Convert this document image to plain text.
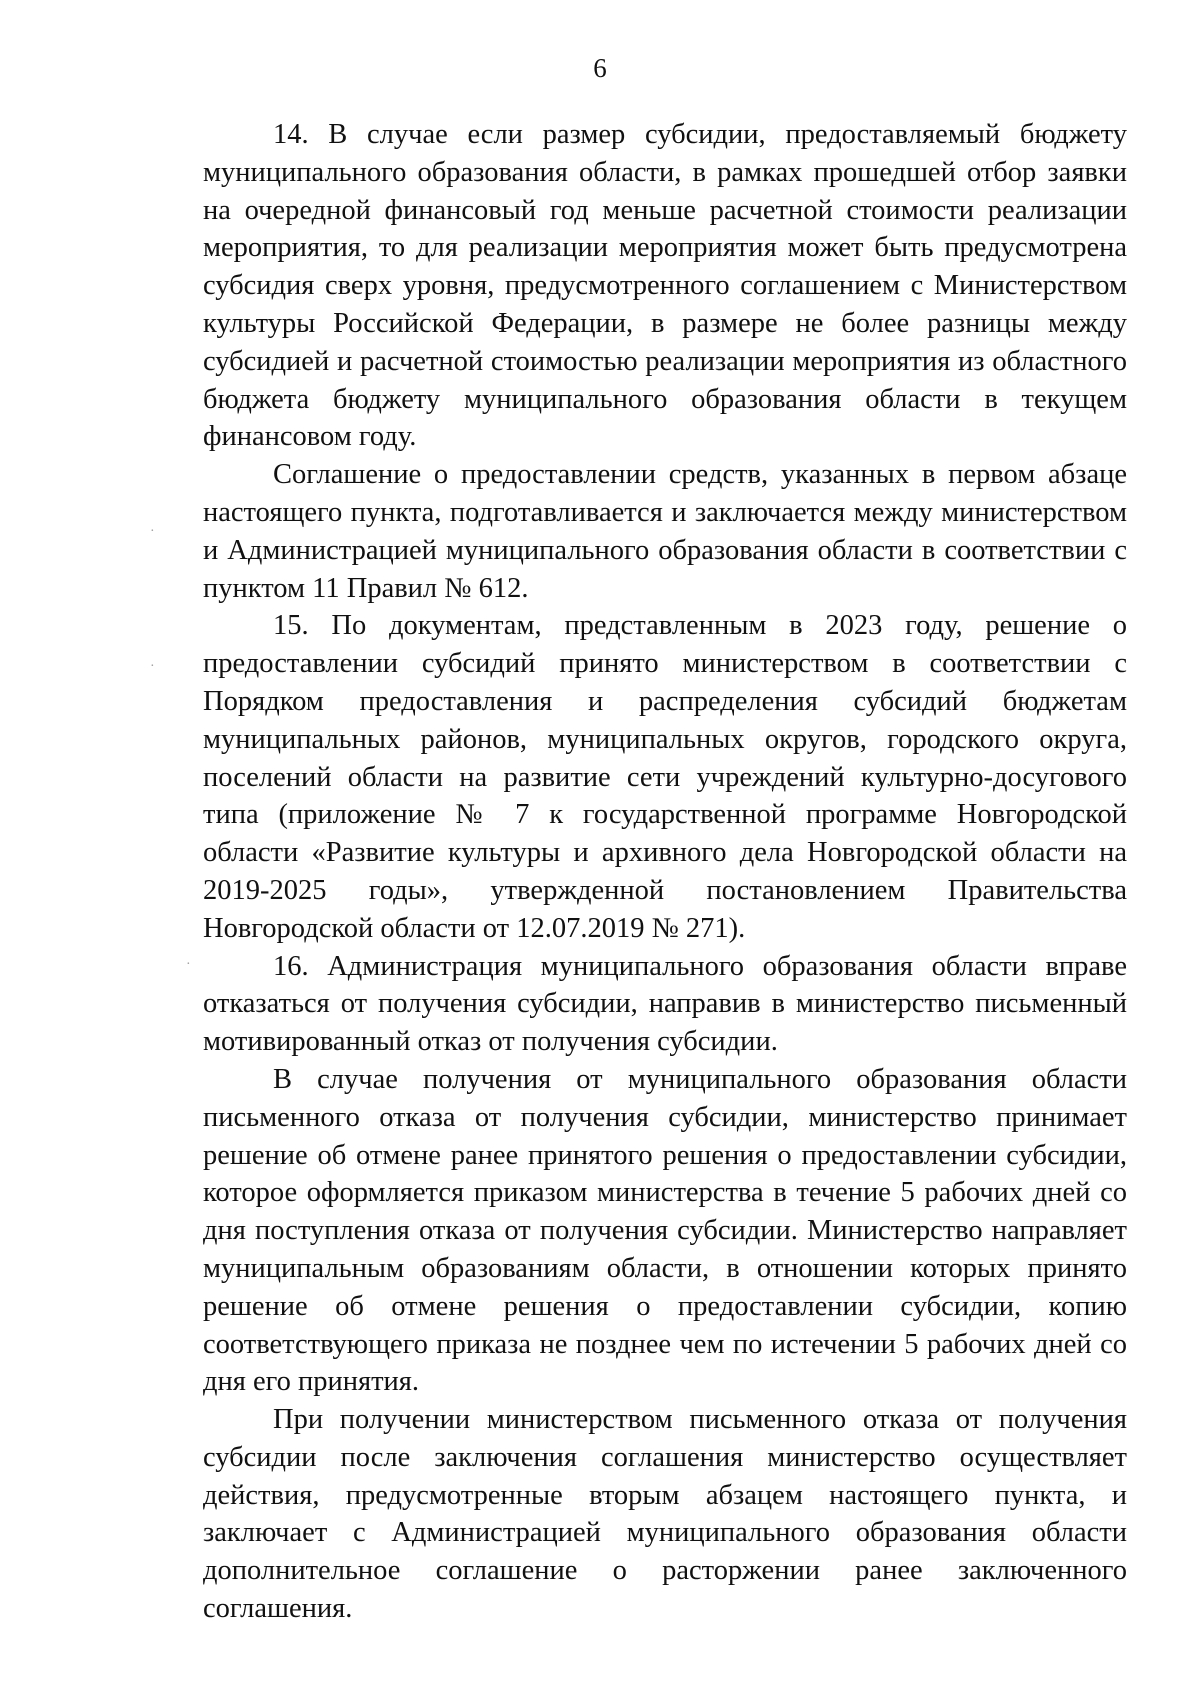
6

14. В случае если размер субсидии, предоставляемый бюджету муниципального образования области, в рамках прошедшей отбор заявки на очередной финансовый год меньше расчетной стоимости реализации мероприятия, то для реализации мероприятия может быть предусмотрена субсидия сверх уровня, предусмотренного соглашением с Министерством культуры Российской Федерации, в размере не более разницы между субсидией и расчетной стоимостью реализации мероприятия из областного бюджета бюджету муниципального образования области в текущем финансовом году.

Соглашение о предоставлении средств, указанных в первом абзаце настоящего пункта, подготавливается и заключается между министерством и Администрацией муниципального образования области в соответствии с пунктом 11 Правил № 612.

15. По документам, представленным в 2023 году, решение о предоставлении субсидий принято министерством в соответствии с Порядком предоставления и распределения субсидий бюджетам муниципальных районов, муниципальных округов, городского округа, поселений области на развитие сети учреждений культурно-досугового типа (приложение № 7 к государственной программе Новгородской области «Развитие культуры и архивного дела Новгородской области на 2019-2025 годы», утвержденной постановлением Правительства Новгородской области от 12.07.2019 № 271).

16. Администрация муниципального образования области вправе отказаться от получения субсидии, направив в министерство письменный мотивированный отказ от получения субсидии.

В случае получения от муниципального образования области письменного отказа от получения субсидии, министерство принимает решение об отмене ранее принятого решения о предоставлении субсидии, которое оформляется приказом министерства в течение 5 рабочих дней со дня поступления отказа от получения субсидии. Министерство направляет муниципальным образованиям области, в отношении которых принято решение об отмене решения о предоставлении субсидии, копию соответствующего приказа не позднее чем по истечении 5 рабочих дней со дня его принятия.

При получении министерством письменного отказа от получения субсидии после заключения соглашения министерство осуществляет действия, предусмотренные вторым абзацем настоящего пункта, и заключает с Администрацией муниципального образования области дополнительное соглашение о расторжении ранее заключенного соглашения.

·
·
·
